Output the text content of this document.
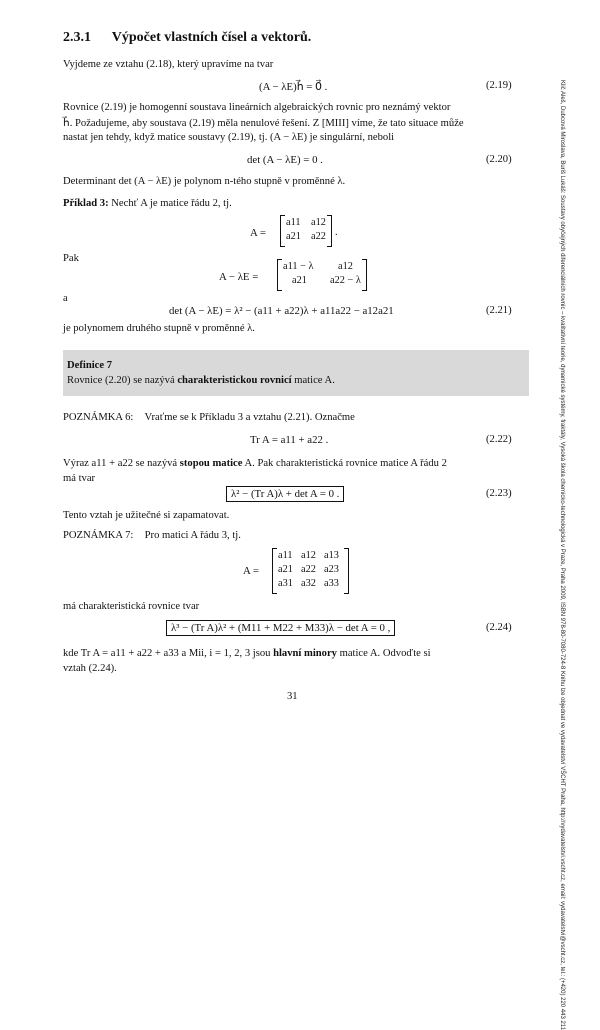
2.3.1 Výpočet vlastních čísel a vektorů.
Vyjdeme ze vztahu (2.18), který upravíme na tvar
(A − λE)h⃗ = 0⃗ .	(2.19)
Rovnice (2.19) je homogenní soustava lineárních algebraických rovnic pro neznámý vektor
h⃗. Požadujeme, aby soustava (2.19) měla nenulové řešení. Z [MIII] víme, že tato situace může
nastat jen tehdy, když matice soustavy (2.19), tj. (A − λE) je singulární, neboli
det (A − λE) = 0 .	(2.20)
Determinant det (A − λE) je polynom n-tého stupně v proměnné λ.
Příklad 3: Nechť A je matice řádu 2, tj.
A =
a11 a12
a21 a22 .
Pak
A − λE =
a11 − λ a12
a21 a22 − λ
a
det (A − λE) = λ² − (a11 + a22)λ + a11a22 − a12a21	(2.21)
je polynomem druhého stupně v proměnné λ.
Definice 7
Rovnice (2.20) se nazývá charakteristickou rovnicí matice A.
POZNÁMKA 6: Vraťme se k Příkladu 3 a vztahu (2.21). Označme
Tr A = a11 + a22 .	(2.22)
Výraz a11 + a22 se nazývá stopou matice A. Pak charakteristická rovnice matice A řádu 2
má tvar
λ² − (Tr A)λ + det A = 0 .	(2.23)
Tento vztah je užitečné si zapamatovat.
POZNÁMKA 7: Pro matici A řádu 3, tj.
A =
a11 a12 a13
a21 a22 a23
a31 a32 a33
má charakteristická rovnice tvar
λ³ − (Tr A)λ² + (M11 + M22 + M33)λ − det A = 0 ,	(2.24)
kde Tr A = a11 + a22 + a33 a Mii, i = 1, 2, 3 jsou hlavní minory matice A. Odvoďte si
vztah (2.24).
31	Klič Aleš, Dubcová Miroslava, Buriš Lukáš: Soustavy obyčejných diferenciálních rovnic – kvalitativní teorie, dynamické systémy, fraktály, Vysoká škola chemicko-technologická v Praze, Praha 2009, ISBN 978-80-7080-724-8 Knihu lze objednat ve vydavatelství VŠCHT Praha, http://vydavatelstvi.vscht.cz, email: vydavatelstvi@vscht.cz, tel.: (+420) 220 443 211
